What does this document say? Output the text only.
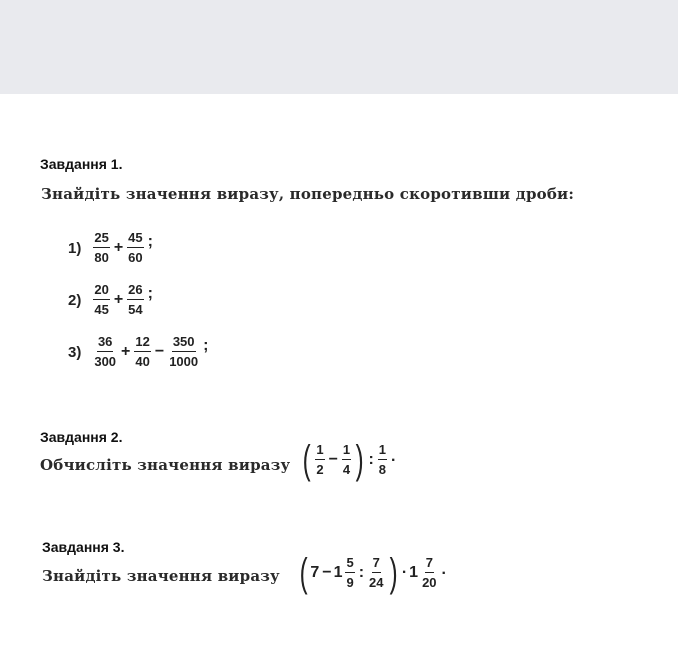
Завдання 1.
Знайдіть значення виразу, попередньо скоротивши дроби:
$1) \frac{25}{80} + \frac{45}{60}$ ;
$2) \frac{20}{45} + \frac{26}{54}$ ;
$3) \frac{36}{300} + \frac{12}{40} - \frac{350}{1000}$ ;
Завдання 2.
Обчисліть значення виразу ( $\frac{1}{2} - \frac{1}{4}$ ) : $\frac{1}{8}$ .
Завдання 3.
Знайдіть значення виразу ( $7 - 1 \frac{5}{9}$ : $\frac{7}{24}$ ) · $1 \frac{7}{20}$ .
